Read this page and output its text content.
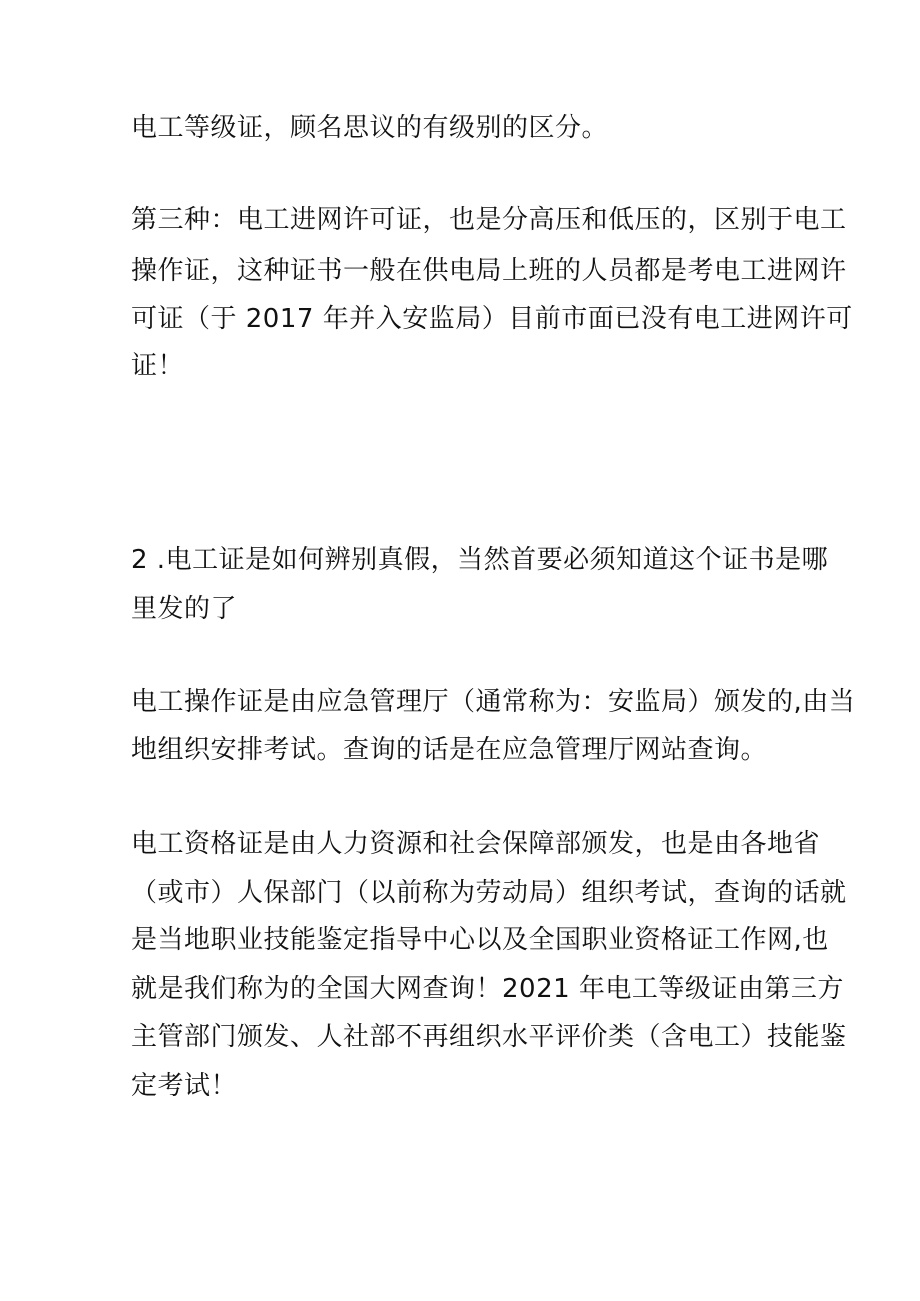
电工等级证，顾名思议的有级别的区分。
第三种：电工进网许可证，也是分高压和低压的，区别于电工
操作证，这种证书一般在供电局上班的人员都是考电工进网许
可证（于 2017 年并入安监局）目前市面已没有电工进网许可
证！
2 .电工证是如何辨别真假，当然首要必须知道这个证书是哪
里发的了
电工操作证是由应急管理厅（通常称为：安监局）颁发的,由当
地组织安排考试。查询的话是在应急管理厅网站查询。
电工资格证是由人力资源和社会保障部颁发，也是由各地省
（或市）人保部门（以前称为劳动局）组织考试，查询的话就
是当地职业技能鉴定指导中心以及全国职业资格证工作网,也
就是我们称为的全国大网查询！2021 年电工等级证由第三方
主管部门颁发、人社部不再组织水平评价类（含电工）技能鉴
定考试！
